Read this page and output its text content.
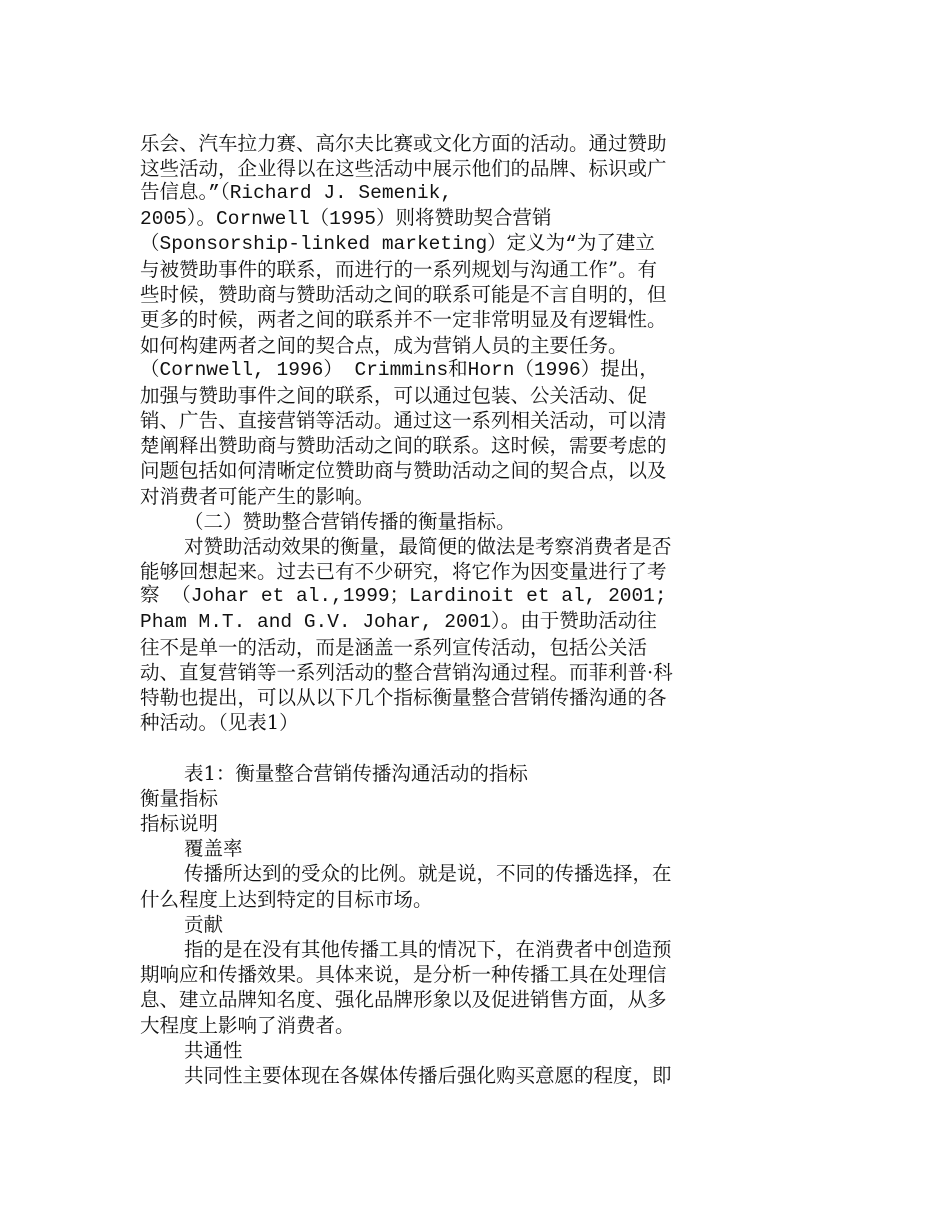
乐会、汽车拉力赛、高尔夫比赛或文化方面的活动。通过赞助
这些活动，企业得以在这些活动中展示他们的品牌、标识或广
告信息。”（Richard J. Semenik,
2005）。Cornwell（1995）则将赞助契合营销
（Sponsorship-linked marketing）定义为“为了建立
与被赞助事件的联系，而进行的一系列规划与沟通工作”。有
些时候，赞助商与赞助活动之间的联系可能是不言自明的，但
更多的时候，两者之间的联系并不一定非常明显及有逻辑性。
如何构建两者之间的契合点，成为营销人员的主要任务。
（Cornwell, 1996） Crimmins和Horn（1996）提出，
加强与赞助事件之间的联系，可以通过包装、公关活动、促
销、广告、直接营销等活动。通过这一系列相关活动，可以清
楚阐释出赞助商与赞助活动之间的联系。这时候，需要考虑的
问题包括如何清晰定位赞助商与赞助活动之间的契合点，以及
对消费者可能产生的影响。
（二）赞助整合营销传播的衡量指标。
对赞助活动效果的衡量，最简便的做法是考察消费者是否
能够回想起来。过去已有不少研究，将它作为因变量进行了考
察 （Johar et al.,1999；Lardinoit et al, 2001;
Pham M.T. and G.V. Johar, 2001）。由于赞助活动往
往不是单一的活动，而是涵盖一系列宣传活动，包括公关活
动、直复营销等一系列活动的整合营销沟通过程。而菲利普·科
特勒也提出，可以从以下几个指标衡量整合营销传播沟通的各
种活动。（见表1）
表1：衡量整合营销传播沟通活动的指标
衡量指标
指标说明
覆盖率
传播所达到的受众的比例。就是说，不同的传播选择，在
什么程度上达到特定的目标市场。
贡献
指的是在没有其他传播工具的情况下，在消费者中创造预
期响应和传播效果。具体来说，是分析一种传播工具在处理信
息、建立品牌知名度、强化品牌形象以及促进销售方面，从多
大程度上影响了消费者。
共通性
共同性主要体现在各媒体传播后强化购买意愿的程度，即
